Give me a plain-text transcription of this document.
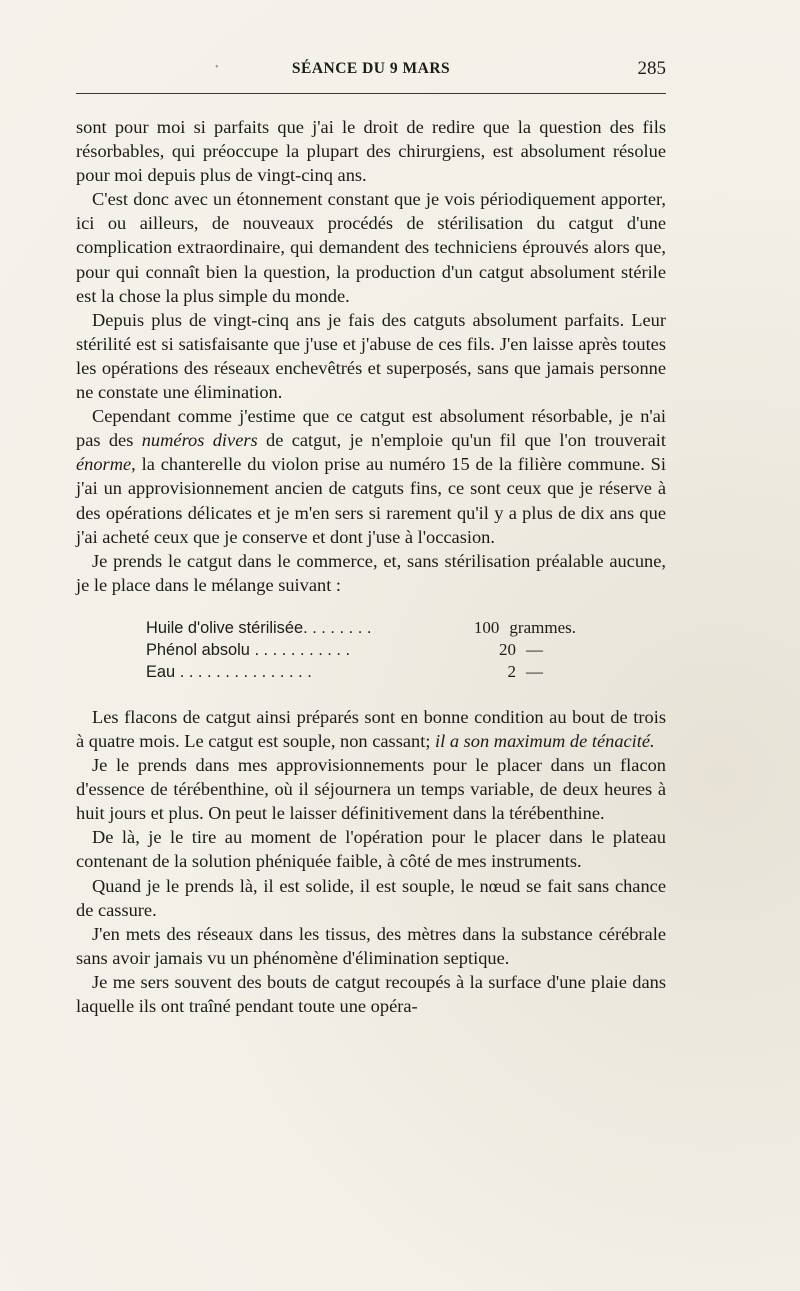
•	SÉANCE DU 9 MARS	285

sont pour moi si parfaits que j'ai le droit de redire que la question des fils résorbables, qui préoccupe la plupart des chirurgiens, est absolument résolue pour moi depuis plus de vingt-cinq ans.

C'est donc avec un étonnement constant que je vois périodiquement apporter, ici ou ailleurs, de nouveaux procédés de stérilisation du catgut d'une complication extraordinaire, qui demandent des techniciens éprouvés alors que, pour qui connaît bien la question, la production d'un catgut absolument stérile est la chose la plus simple du monde.

Depuis plus de vingt-cinq ans je fais des catguts absolument parfaits. Leur stérilité est si satisfaisante que j'use et j'abuse de ces fils. J'en laisse après toutes les opérations des réseaux enchevêtrés et superposés, sans que jamais personne ne constate une élimination.

Cependant comme j'estime que ce catgut est absolument résorbable, je n'ai pas des numéros divers de catgut, je n'emploie qu'un fil que l'on trouverait énorme, la chanterelle du violon prise au numéro 15 de la filière commune. Si j'ai un approvisionnement ancien de catguts fins, ce sont ceux que je réserve à des opérations délicates et je m'en sers si rarement qu'il y a plus de dix ans que j'ai acheté ceux que je conserve et dont j'use à l'occasion.

Je prends le catgut dans le commerce, et, sans stérilisation préalable aucune, je le place dans le mélange suivant :

Huile d'olive stérilisée. . . . . . . .	100 grammes.
Phénol absolu . . . . . . . . . . .	20 —
Eau . . . . . . . . . . . . . . .	2 —

Les flacons de catgut ainsi préparés sont en bonne condition au bout de trois à quatre mois. Le catgut est souple, non cassant; il a son maximum de ténacité.

Je le prends dans mes approvisionnements pour le placer dans un flacon d'essence de térébenthine, où il séjournera un temps variable, de deux heures à huit jours et plus. On peut le laisser définitivement dans la térébenthine.

De là, je le tire au moment de l'opération pour le placer dans le plateau contenant de la solution phéniquée faible, à côté de mes instruments.

Quand je le prends là, il est solide, il est souple, le nœud se fait sans chance de cassure.

J'en mets des réseaux dans les tissus, des mètres dans la substance cérébrale sans avoir jamais vu un phénomène d'élimination septique.

Je me sers souvent des bouts de catgut recoupés à la surface d'une plaie dans laquelle ils ont traîné pendant toute une opéra-
